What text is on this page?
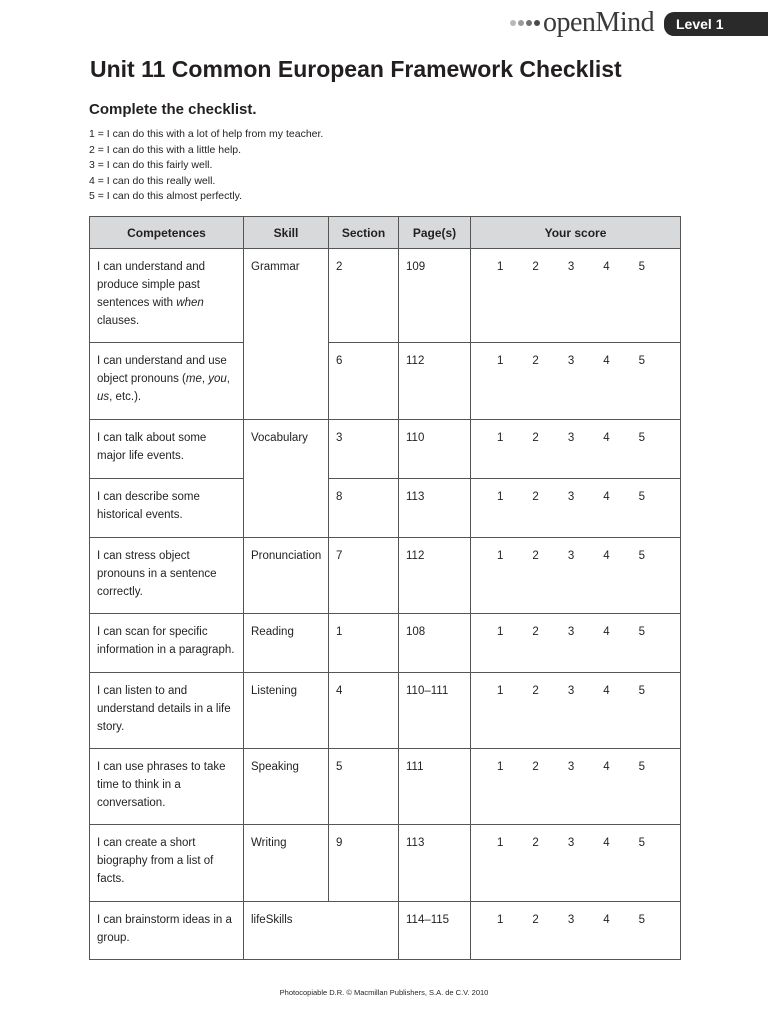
openMind	Level 1
Unit 11 Common European Framework Checklist

Complete the checklist.

1 = I can do this with a lot of help from my teacher.
2 = I can do this with a little help.
3 = I can do this fairly well.
4 = I can do this really well.
5 = I can do this almost perfectly.
Competences	Skill	Section	Page(s)	Your score
I can understand and produce simple past sentences with when clauses.	Grammar	2	109	1 2 3 4 5

I can understand and use object pronouns (me, you, us, etc.).		6	112	1 2 3 4 5

I can talk about some major life events.	Vocabulary	3	110	1 2 3 4 5

I can describe some historical events.		8	113	1 2 3 4 5

I can stress object pronouns in a sentence correctly.	Pronunciation	7	112	1 2 3 4 5

I can scan for specific information in a paragraph.	Reading	1	108	1 2 3 4 5

I can listen to and understand details in a life story.	Listening	4	110–111	1 2 3 4 5

I can use phrases to take time to think in a conversation.	Speaking	5	111	1 2 3 4 5

I can create a short biography from a list of facts.	Writing	9	113	1 2 3 4 5

I can brainstorm ideas in a group.	lifeSkills		114–115	1 2 3 4 5
Photocopiable D.R. © Macmillan Publishers, S.A. de C.V. 2010
